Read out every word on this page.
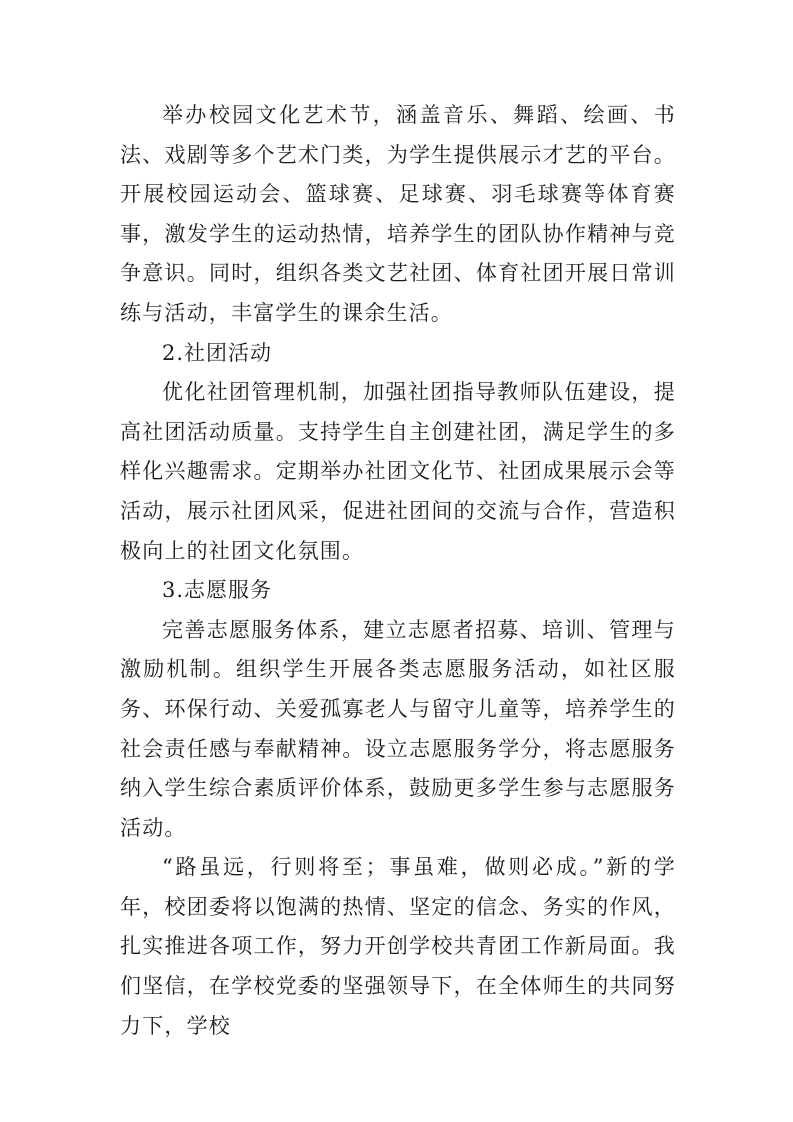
举办校园文化艺术节，涵盖音乐、舞蹈、绘画、书法、戏剧等多个艺术门类，为学生提供展示才艺的平台。开展校园运动会、篮球赛、足球赛、羽毛球赛等体育赛事，激发学生的运动热情，培养学生的团队协作精神与竞争意识。同时，组织各类文艺社团、体育社团开展日常训练与活动，丰富学生的课余生活。

2.社团活动

优化社团管理机制，加强社团指导教师队伍建设，提高社团活动质量。支持学生自主创建社团，满足学生的多样化兴趣需求。定期举办社团文化节、社团成果展示会等活动，展示社团风采，促进社团间的交流与合作，营造积极向上的社团文化氛围。

3.志愿服务

完善志愿服务体系，建立志愿者招募、培训、管理与激励机制。组织学生开展各类志愿服务活动，如社区服务、环保行动、关爱孤寡老人与留守儿童等，培养学生的社会责任感与奉献精神。设立志愿服务学分，将志愿服务纳入学生综合素质评价体系，鼓励更多学生参与志愿服务活动。

“路虽远，行则将至；事虽难，做则必成。”新的学年，校团委将以饱满的热情、坚定的信念、务实的作风，扎实推进各项工作，努力开创学校共青团工作新局面。我们坚信，在学校党委的坚强领导下，在全体师生的共同努力下，学校
